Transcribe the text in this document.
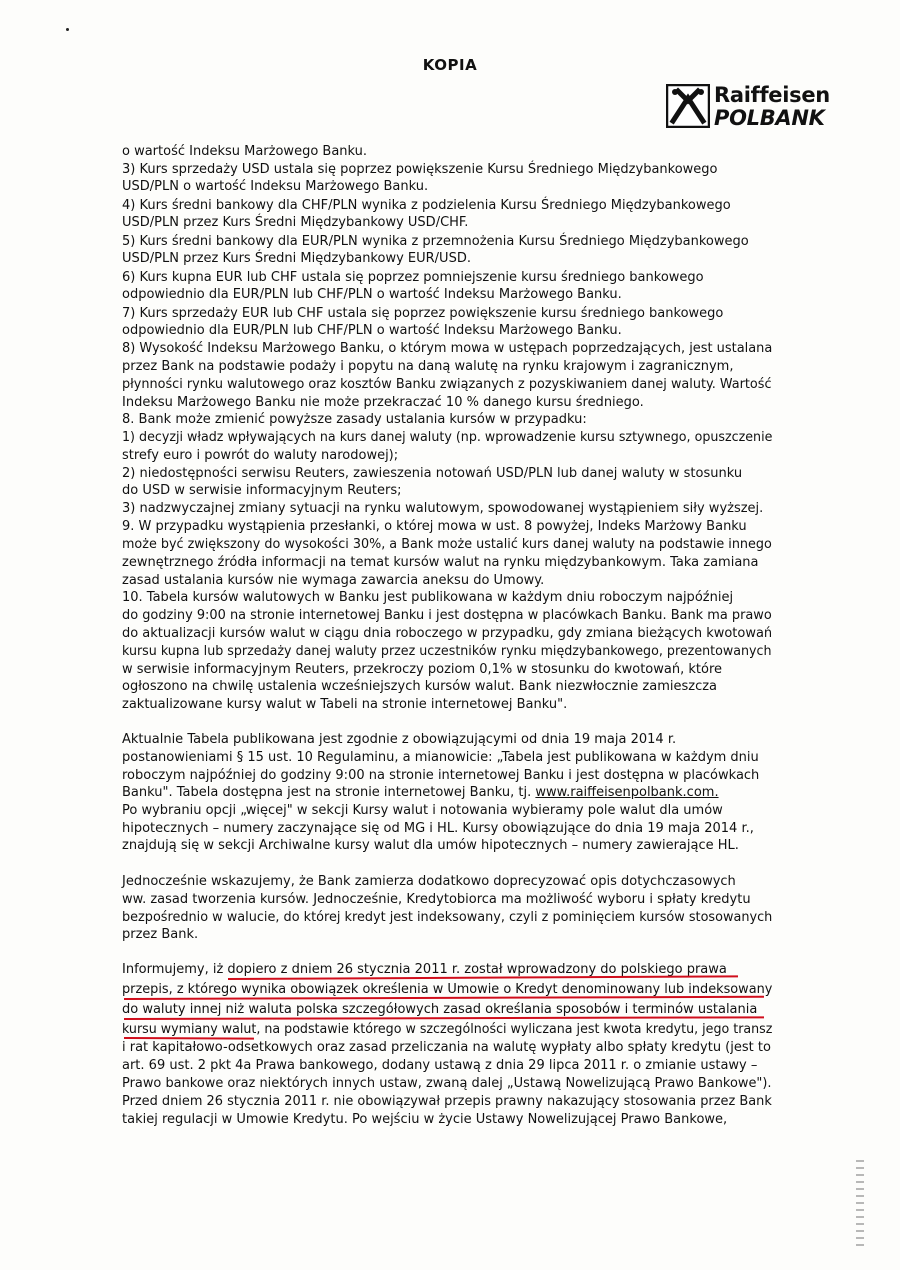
KOPIA
Raiffeisen
POLBANK
o wartość Indeksu Marżowego Banku.
3) Kurs sprzedaży USD ustala się poprzez powiększenie Kursu Średniego Międzybankowego
USD/PLN o wartość Indeksu Marżowego Banku.
4) Kurs średni bankowy dla CHF/PLN wynika z podzielenia Kursu Średniego Międzybankowego
USD/PLN przez Kurs Średni Międzybankowy USD/CHF.
5) Kurs średni bankowy dla EUR/PLN wynika z przemnożenia Kursu Średniego Międzybankowego
USD/PLN przez Kurs Średni Międzybankowy EUR/USD.
6) Kurs kupna EUR lub CHF ustala się poprzez pomniejszenie kursu średniego bankowego
odpowiednio dla EUR/PLN lub CHF/PLN o wartość Indeksu Marżowego Banku.
7) Kurs sprzedaży EUR lub CHF ustala się poprzez powiększenie kursu średniego bankowego
odpowiednio dla EUR/PLN lub CHF/PLN o wartość Indeksu Marżowego Banku.
8) Wysokość Indeksu Marżowego Banku, o którym mowa w ustępach poprzedzających, jest ustalana
przez Bank na podstawie podaży i popytu na daną walutę na rynku krajowym i zagranicznym,
płynności rynku walutowego oraz kosztów Banku związanych z pozyskiwaniem danej waluty. Wartość
Indeksu Marżowego Banku nie może przekraczać 10 % danego kursu średniego.
8. Bank może zmienić powyższe zasady ustalania kursów w przypadku:
1) decyzji władz wpływających na kurs danej waluty (np. wprowadzenie kursu sztywnego, opuszczenie
strefy euro i powrót do waluty narodowej);
2) niedostępności serwisu Reuters, zawieszenia notowań USD/PLN lub danej waluty w stosunku
do USD w serwisie informacyjnym Reuters;
3) nadzwyczajnej zmiany sytuacji na rynku walutowym, spowodowanej wystąpieniem siły wyższej.
9. W przypadku wystąpienia przesłanki, o której mowa w ust. 8 powyżej, Indeks Marżowy Banku
może być zwiększony do wysokości 30%, a Bank może ustalić kurs danej waluty na podstawie innego
zewnętrznego źródła informacji na temat kursów walut na rynku międzybankowym. Taka zamiana
zasad ustalania kursów nie wymaga zawarcia aneksu do Umowy.
10. Tabela kursów walutowych w Banku jest publikowana w każdym dniu roboczym najpóźniej
do godziny 9:00 na stronie internetowej Banku i jest dostępna w placówkach Banku. Bank ma prawo
do aktualizacji kursów walut w ciągu dnia roboczego w przypadku, gdy zmiana bieżących kwotowań
kursu kupna lub sprzedaży danej waluty przez uczestników rynku międzybankowego, prezentowanych
w serwisie informacyjnym Reuters, przekroczy poziom 0,1% w stosunku do kwotowań, które
ogłoszono na chwilę ustalenia wcześniejszych kursów walut. Bank niezwłocznie zamieszcza
zaktualizowane kursy walut w Tabeli na stronie internetowej Banku".
Aktualnie Tabela publikowana jest zgodnie z obowiązującymi od dnia 19 maja 2014 r.
postanowieniami § 15 ust. 10 Regulaminu, a mianowicie: „Tabela jest publikowana w każdym dniu
roboczym najpóźniej do godziny 9:00 na stronie internetowej Banku i jest dostępna w placówkach
Banku". Tabela dostępna jest na stronie internetowej Banku, tj. www.raiffeisenpolbank.com.
Po wybraniu opcji „więcej" w sekcji Kursy walut i notowania wybieramy pole walut dla umów
hipotecznych – numery zaczynające się od MG i HL. Kursy obowiązujące do dnia 19 maja 2014 r.,
znajdują się w sekcji Archiwalne kursy walut dla umów hipotecznych – numery zawierające HL.
Jednocześnie wskazujemy, że Bank zamierza dodatkowo doprecyzować opis dotychczasowych
ww. zasad tworzenia kursów. Jednocześnie, Kredytobiorca ma możliwość wyboru i spłaty kredytu
bezpośrednio w walucie, do której kredyt jest indeksowany, czyli z pominięciem kursów stosowanych
przez Bank.
Informujemy, iż dopiero z dniem 26 stycznia 2011 r. został wprowadzony do polskiego prawa
przepis, z którego wynika obowiązek określenia w Umowie o Kredyt denominowany lub indeksowany
do waluty innej niż waluta polska szczegółowych zasad określania sposobów i terminów ustalania
kursu wymiany walut, na podstawie którego w szczególności wyliczana jest kwota kredytu, jego transz
i rat kapitałowo-odsetkowych oraz zasad przeliczania na walutę wypłaty albo spłaty kredytu (jest to
art. 69 ust. 2 pkt 4a Prawa bankowego, dodany ustawą z dnia 29 lipca 2011 r. o zmianie ustawy –
Prawo bankowe oraz niektórych innych ustaw, zwaną dalej „Ustawą Nowelizującą Prawo Bankowe").
Przed dniem 26 stycznia 2011 r. nie obowiązywał przepis prawny nakazujący stosowania przez Bank
takiej regulacji w Umowie Kredytu. Po wejściu w życie Ustawy Nowelizującej Prawo Bankowe,
